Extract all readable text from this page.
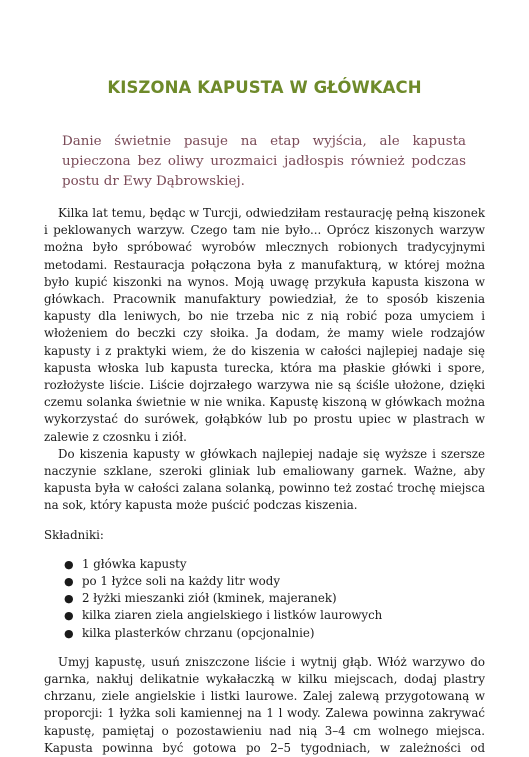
KISZONA KAPUSTA W GŁÓWKACH
Danie świetnie pasuje na etap wyjścia, ale kapusta upieczona bez oliwy urozmaici jadłospis również podczas postu dr Ewy Dąbrowskiej.

Kilka lat temu, będąc w Turcji, odwiedziłam restaurację pełną kiszonek i peklowanych warzyw. Czego tam nie było... Oprócz kiszonych warzyw można było spróbować wyrobów mlecznych robionych tradycyjnymi metodami. Restauracja połączona była z manufakturą, w której można było kupić kiszonki na wynos. Moją uwagę przykuła kapusta kiszona w główkach. Pracownik manufaktury powiedział, że to sposób kiszenia kapusty dla leniwych, bo nie trzeba nic z nią robić poza umyciem i włożeniem do beczki czy słoika. Ja dodam, że mamy wiele rodzajów kapusty i z praktyki wiem, że do kiszenia w całości najlepiej nadaje się kapusta włoska lub kapusta turecka, która ma płaskie główki i spore, rozłożyste liście. Liście dojrzałego warzywa nie są ściśle ułożone, dzięki czemu solanka świetnie w nie wnika. Kapustę kiszoną w główkach można wykorzystać do surówek, gołąbków lub po prostu upiec w plastrach w zalewie z czosnku i ziół.

Do kiszenia kapusty w główkach najlepiej nadaje się wyższe i szersze naczynie szklane, szeroki gliniak lub emaliowany garnek. Ważne, aby kapusta była w całości zalana solanką, powinno też zostać trochę miejsca na sok, który kapusta może puścić podczas kiszenia.

Składniki:

● 1 główka kapusty
● po 1 łyżce soli na każdy litr wody
● 2 łyżki mieszanki ziół (kminek, majeranek)
● kilka ziaren ziela angielskiego i listków laurowych
● kilka plasterków chrzanu (opcjonalnie)

Umyj kapustę, usuń zniszczone liście i wytnij głąb. Włóż warzywo do garnka, nakłuj delikatnie wykałaczką w kilku miejscach, dodaj plastry chrzanu, ziele angielskie i listki laurowe. Zalej zalewą przygotowaną w proporcji: 1 łyżka soli kamiennej na 1 l wody. Zalewa powinna zakrywać kapustę, pamiętaj o pozostawieniu nad nią 3–4 cm wolnego miejsca. Kapusta powinna być gotowa po 2–5 tygodniach, w zależności od
